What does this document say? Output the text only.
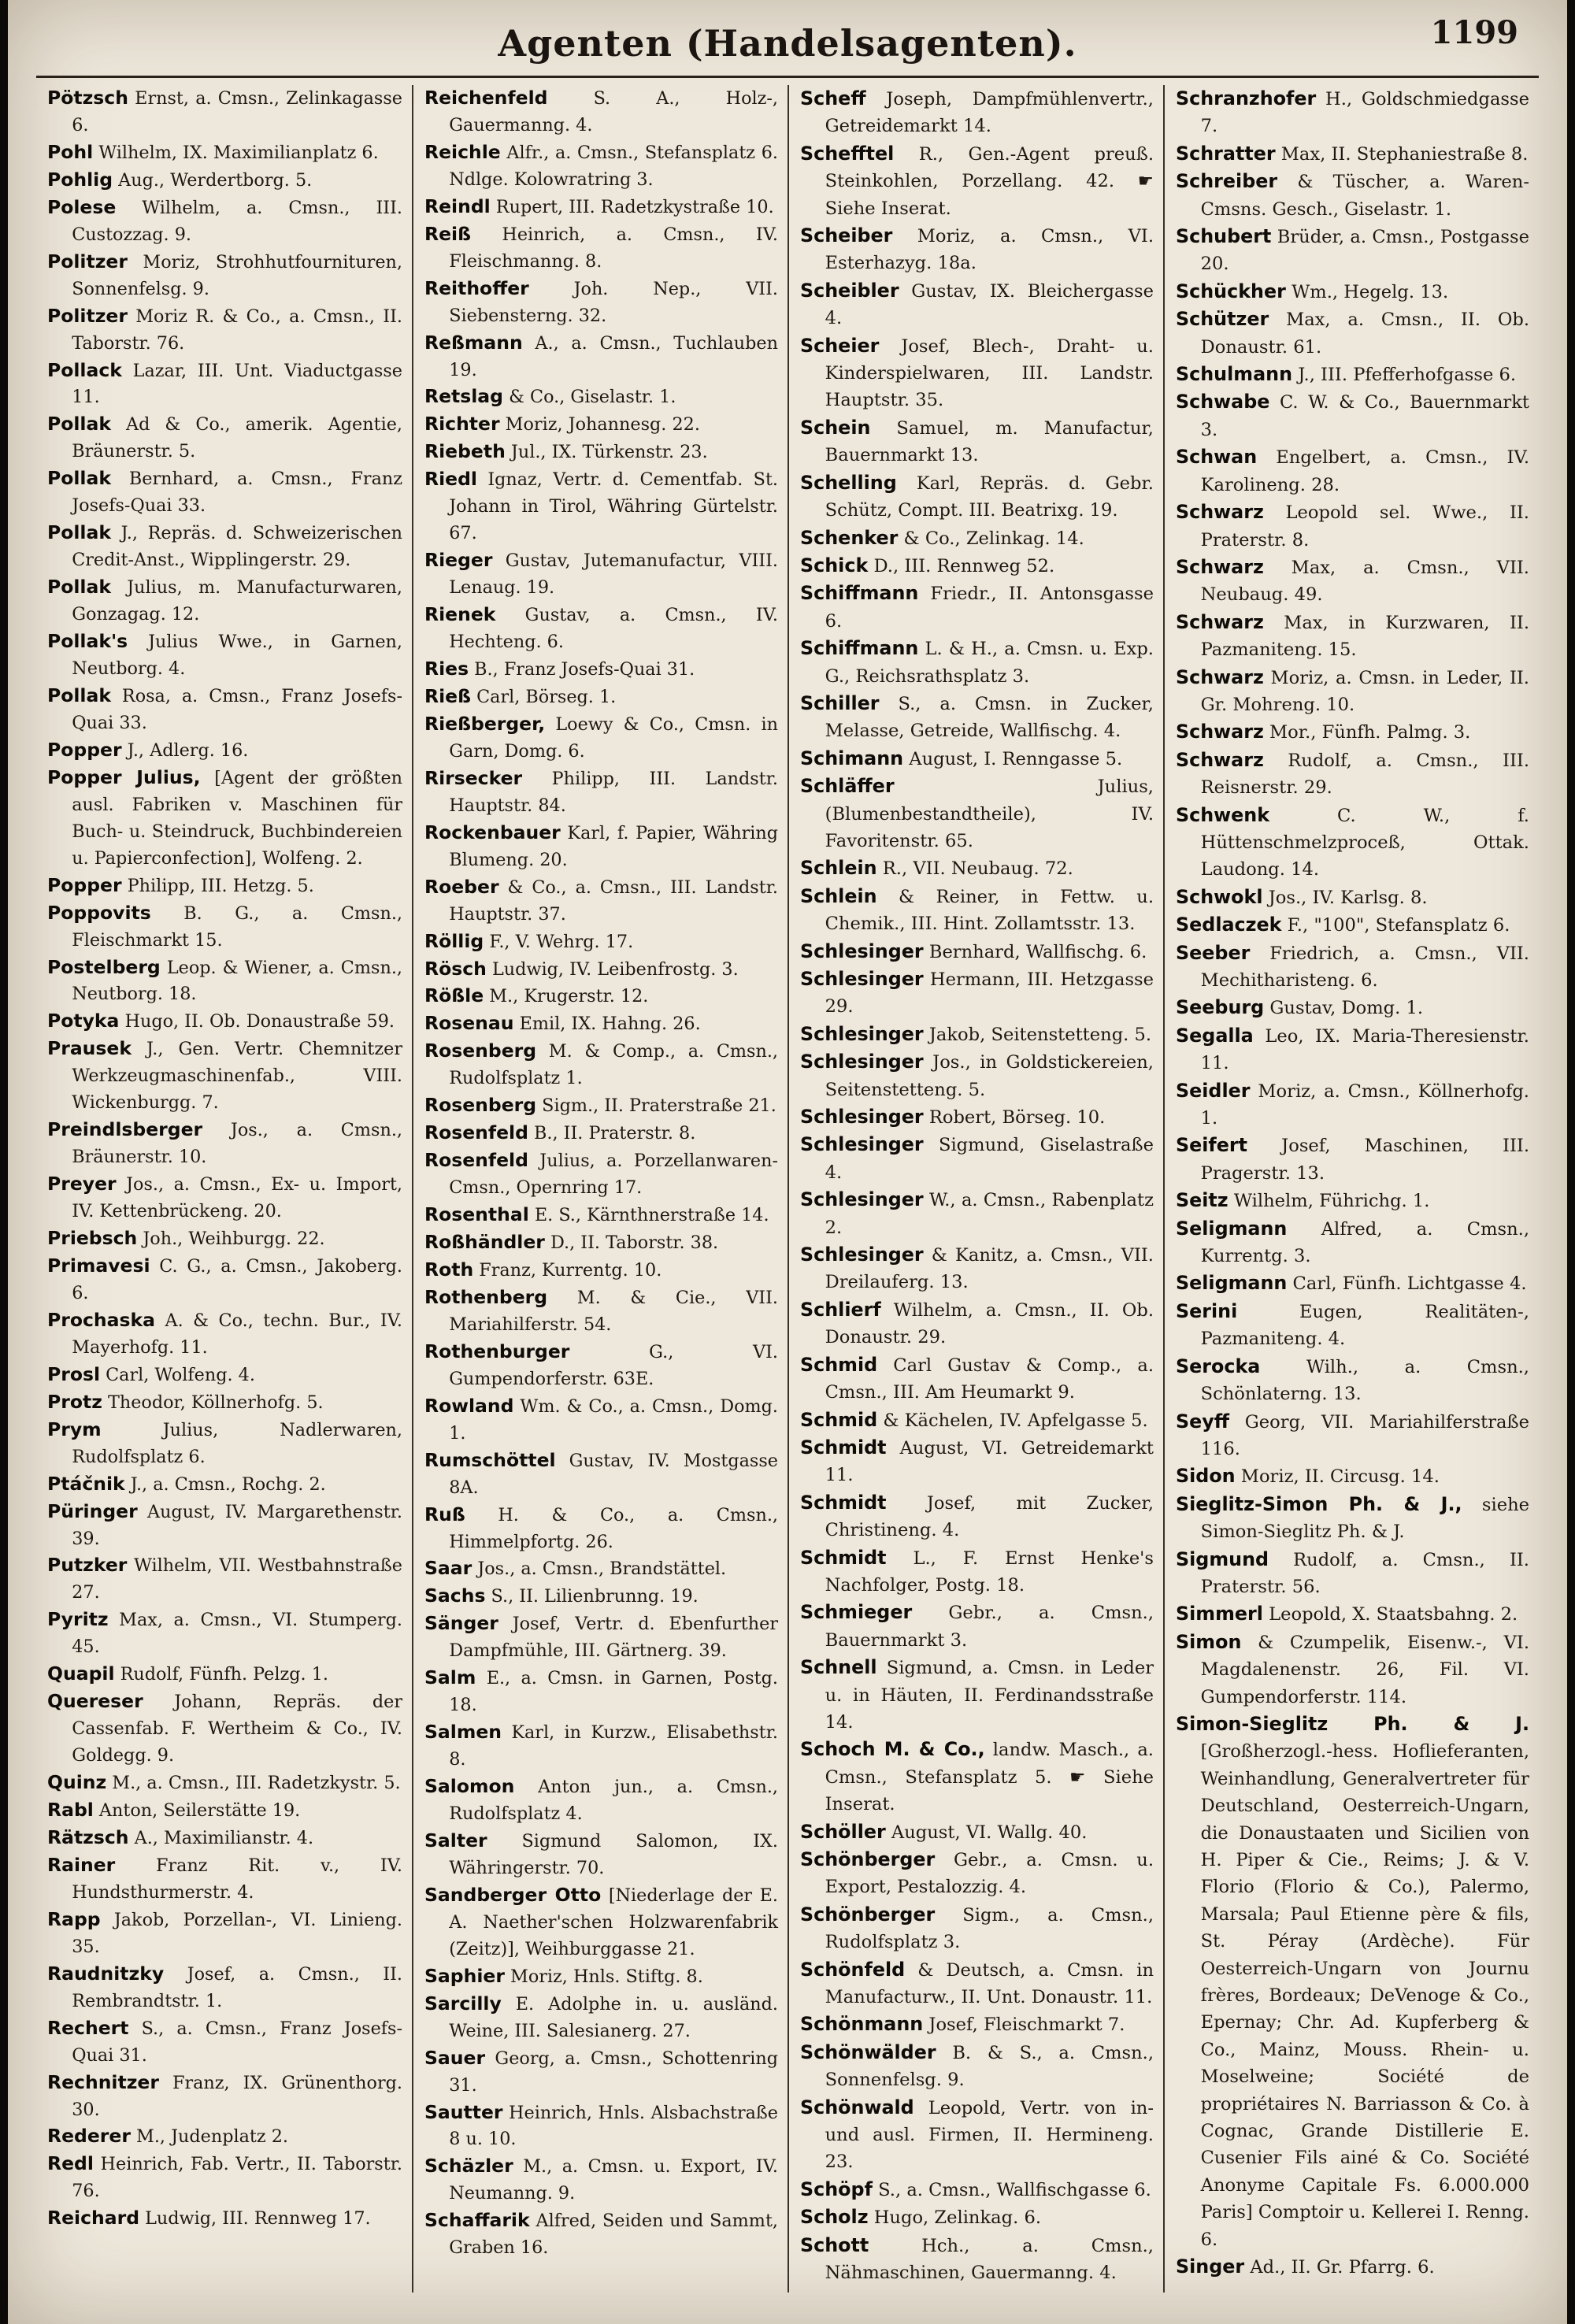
Agenten (Handelsagenten).	1199
Pötzsch Ernst, a. Cmsn., Zelinkagasse 6.
Pohl Wilhelm, IX. Maximilianplatz 6.
Pohlig Aug., Werdertborg. 5.
Polese Wilhelm, a. Cmsn., III. Custozzag. 9.
Politzer Moriz, Strohhutfournituren, Sonnenfelsg. 9.
Politzer Moriz R. & Co., a. Cmsn., II. Taborstr. 76.
Pollack Lazar, III. Unt. Viaductgasse 11.
Pollak Ad & Co., amerik. Agentie, Bräunerstr. 5.
Pollak Bernhard, a. Cmsn., Franz Josefs-Quai 33.
Pollak J., Repräs. d. Schweizerischen Credit-Anst., Wipplingerstr. 29.
Pollak Julius, m. Manufacturwaren, Gonzagag. 12.
Pollak's Julius Wwe., in Garnen, Neutborg. 4.
Pollak Rosa, a. Cmsn., Franz Josefs-Quai 33.
Popper J., Adlerg. 16.
Popper Julius, [Agent der größten ausl. Fabriken v. Maschinen für Buch- u. Steindruck, Buchbindereien u. Papierconfection], Wolfeng. 2.
Popper Philipp, III. Hetzg. 5.
Poppovits B. G., a. Cmsn., Fleischmarkt 15.
Postelberg Leop. & Wiener, a. Cmsn., Neutborg. 18.
Potyka Hugo, II. Ob. Donaustraße 59.
Prausek J., Gen. Vertr. Chemnitzer Werkzeugmaschinenfab., VIII. Wickenburgg. 7.
Preindlsberger Jos., a. Cmsn., Bräunerstr. 10.
Preyer Jos., a. Cmsn., Ex- u. Import, IV. Kettenbrückeng. 20.
Priebsch Joh., Weihburgg. 22.
Primavesi C. G., a. Cmsn., Jakoberg. 6.
Prochaska A. & Co., techn. Bur., IV. Mayerhofg. 11.
Prosl Carl, Wolfeng. 4.
Protz Theodor, Köllnerhofg. 5.
Prym Julius, Nadlerwaren, Rudolfsplatz 6.
Ptáčnik J., a. Cmsn., Rochg. 2.
Püringer August, IV. Margarethenstr. 39.
Putzker Wilhelm, VII. Westbahnstraße 27.
Pyritz Max, a. Cmsn., VI. Stumperg. 45.
Quapil Rudolf, Fünfh. Pelzg. 1.
Quereser Johann, Repräs. der Cassenfab. F. Wertheim & Co., IV. Goldegg. 9.
Quinz M., a. Cmsn., III. Radetzkystr. 5.
Rabl Anton, Seilerstätte 19.
Rätzsch A., Maximilianstr. 4.
Rainer Franz Rit. v., IV. Hundsthurmerstr. 4.
Rapp Jakob, Porzellan-, VI. Linieng. 35.
Raudnitzky Josef, a. Cmsn., II. Rembrandtstr. 1.
Rechert S., a. Cmsn., Franz Josefs-Quai 31.
Rechnitzer Franz, IX. Grünenthorg. 30.
Rederer M., Judenplatz 2.
Redl Heinrich, Fab. Vertr., II. Taborstr. 76.
Reichard Ludwig, III. Rennweg 17.
Reichenfeld S. A., Holz-, Gauermanng. 4.
Reichle Alfr., a. Cmsn., Stefansplatz 6. Ndlge. Kolowratring 3.
Reindl Rupert, III. Radetzkystraße 10.
Reiß Heinrich, a. Cmsn., IV. Fleischmanng. 8.
Reithoffer Joh. Nep., VII. Siebensterng. 32.
Reßmann A., a. Cmsn., Tuchlauben 19.
Retslag & Co., Giselastr. 1.
Richter Moriz, Johannesg. 22.
Riebeth Jul., IX. Türkenstr. 23.
Riedl Ignaz, Vertr. d. Cementfab. St. Johann in Tirol, Währing Gürtelstr. 67.
Rieger Gustav, Jutemanufactur, VIII. Lenaug. 19.
Rienek Gustav, a. Cmsn., IV. Hechteng. 6.
Ries B., Franz Josefs-Quai 31.
Rieß Carl, Börseg. 1.
Rießberger, Loewy & Co., Cmsn. in Garn, Domg. 6.
Rirsecker Philipp, III. Landstr. Hauptstr. 84.
Rockenbauer Karl, f. Papier, Währing Blumeng. 20.
Roeber & Co., a. Cmsn., III. Landstr. Hauptstr. 37.
Röllig F., V. Wehrg. 17.
Rösch Ludwig, IV. Leibenfrostg. 3.
Rößle M., Krugerstr. 12.
Rosenau Emil, IX. Hahng. 26.
Rosenberg M. & Comp., a. Cmsn., Rudolfsplatz 1.
Rosenberg Sigm., II. Praterstraße 21.
Rosenfeld B., II. Praterstr. 8.
Rosenfeld Julius, a. Porzellanwaren-Cmsn., Opernring 17.
Rosenthal E. S., Kärnthnerstraße 14.
Roßhändler D., II. Taborstr. 38.
Roth Franz, Kurrentg. 10.
Rothenberg M. & Cie., VII. Mariahilferstr. 54.
Rothenburger G., VI. Gumpendorferstr. 63E.
Rowland Wm. & Co., a. Cmsn., Domg. 1.
Rumschöttel Gustav, IV. Mostgasse 8A.
Ruß H. & Co., a. Cmsn., Himmelpfortg. 26.
Saar Jos., a. Cmsn., Brandstättel.
Sachs S., II. Lilienbrunng. 19.
Sänger Josef, Vertr. d. Ebenfurther Dampfmühle, III. Gärtnerg. 39.
Salm E., a. Cmsn. in Garnen, Postg. 18.
Salmen Karl, in Kurzw., Elisabethstr. 8.
Salomon Anton jun., a. Cmsn., Rudolfsplatz 4.
Salter Sigmund Salomon, IX. Währingerstr. 70.
Sandberger Otto [Niederlage der E. A. Naether'schen Holzwarenfabrik (Zeitz)], Weihburggasse 21.
Saphier Moriz, Hnls. Stiftg. 8.
Sarcilly E. Adolphe in. u. ausländ. Weine, III. Salesianerg. 27.
Sauer Georg, a. Cmsn., Schottenring 31.
Sautter Heinrich, Hnls. Alsbachstraße 8 u. 10.
Schäzler M., a. Cmsn. u. Export, IV. Neumanng. 9.
Schaffarik Alfred, Seiden und Sammt, Graben 16.
Scheff Joseph, Dampfmühlenvertr., Getreidemarkt 14.
Schefftel R., Gen.-Agent preuß. Steinkohlen, Porzellang. 42. ☛ Siehe Inserat.
Scheiber Moriz, a. Cmsn., VI. Esterhazyg. 18a.
Scheibler Gustav, IX. Bleichergasse 4.
Scheier Josef, Blech-, Draht- u. Kinderspielwaren, III. Landstr. Hauptstr. 35.
Schein Samuel, m. Manufactur, Bauernmarkt 13.
Schelling Karl, Repräs. d. Gebr. Schütz, Compt. III. Beatrixg. 19.
Schenker & Co., Zelinkag. 14.
Schick D., III. Rennweg 52.
Schiffmann Friedr., II. Antonsgasse 6.
Schiffmann L. & H., a. Cmsn. u. Exp. G., Reichsrathsplatz 3.
Schiller S., a. Cmsn. in Zucker, Melasse, Getreide, Wallfischg. 4.
Schimann August, I. Renngasse 5.
Schläffer Julius, (Blumenbestandtheile), IV. Favoritenstr. 65.
Schlein R., VII. Neubaug. 72.
Schlein & Reiner, in Fettw. u. Chemik., III. Hint. Zollamtsstr. 13.
Schlesinger Bernhard, Wallfischg. 6.
Schlesinger Hermann, III. Hetzgasse 29.
Schlesinger Jakob, Seitenstetteng. 5.
Schlesinger Jos., in Goldstickereien, Seitenstetteng. 5.
Schlesinger Robert, Börseg. 10.
Schlesinger Sigmund, Giselastraße 4.
Schlesinger W., a. Cmsn., Rabenplatz 2.
Schlesinger & Kanitz, a. Cmsn., VII. Dreilauferg. 13.
Schlierf Wilhelm, a. Cmsn., II. Ob. Donaustr. 29.
Schmid Carl Gustav & Comp., a. Cmsn., III. Am Heumarkt 9.
Schmid & Kächelen, IV. Apfelgasse 5.
Schmidt August, VI. Getreidemarkt 11.
Schmidt Josef, mit Zucker, Christineng. 4.
Schmidt L., F. Ernst Henke's Nachfolger, Postg. 18.
Schmieger Gebr., a. Cmsn., Bauernmarkt 3.
Schnell Sigmund, a. Cmsn. in Leder u. in Häuten, II. Ferdinandsstraße 14.
Schoch M. & Co., landw. Masch., a. Cmsn., Stefansplatz 5. ☛ Siehe Inserat.
Schöller August, VI. Wallg. 40.
Schönberger Gebr., a. Cmsn. u. Export, Pestalozzig. 4.
Schönberger Sigm., a. Cmsn., Rudolfsplatz 3.
Schönfeld & Deutsch, a. Cmsn. in Manufacturw., II. Unt. Donaustr. 11.
Schönmann Josef, Fleischmarkt 7.
Schönwälder B. & S., a. Cmsn., Sonnenfelsg. 9.
Schönwald Leopold, Vertr. von in- und ausl. Firmen, II. Hermineng. 23.
Schöpf S., a. Cmsn., Wallfischgasse 6.
Scholz Hugo, Zelinkag. 6.
Schott Hch., a. Cmsn., Nähmaschinen, Gauermanng. 4.
Schranzhofer H., Goldschmiedgasse 7.
Schratter Max, II. Stephaniestraße 8.
Schreiber & Tüscher, a. Waren-Cmsns. Gesch., Giselastr. 1.
Schubert Brüder, a. Cmsn., Postgasse 20.
Schückher Wm., Hegelg. 13.
Schützer Max, a. Cmsn., II. Ob. Donaustr. 61.
Schulmann J., III. Pfefferhofgasse 6.
Schwabe C. W. & Co., Bauernmarkt 3.
Schwan Engelbert, a. Cmsn., IV. Karolineng. 28.
Schwarz Leopold sel. Wwe., II. Praterstr. 8.
Schwarz Max, a. Cmsn., VII. Neubaug. 49.
Schwarz Max, in Kurzwaren, II. Pazmaniteng. 15.
Schwarz Moriz, a. Cmsn. in Leder, II. Gr. Mohreng. 10.
Schwarz Mor., Fünfh. Palmg. 3.
Schwarz Rudolf, a. Cmsn., III. Reisnerstr. 29.
Schwenk C. W., f. Hüttenschmelzproceß, Ottak. Laudong. 14.
Schwokl Jos., IV. Karlsg. 8.
Sedlaczek F., "100", Stefansplatz 6.
Seeber Friedrich, a. Cmsn., VII. Mechitharisteng. 6.
Seeburg Gustav, Domg. 1.
Segalla Leo, IX. Maria-Theresienstr. 11.
Seidler Moriz, a. Cmsn., Köllnerhofg. 1.
Seifert Josef, Maschinen, III. Pragerstr. 13.
Seitz Wilhelm, Führichg. 1.
Seligmann Alfred, a. Cmsn., Kurrentg. 3.
Seligmann Carl, Fünfh. Lichtgasse 4.
Serini Eugen, Realitäten-, Pazmaniteng. 4.
Serocka Wilh., a. Cmsn., Schönlaterng. 13.
Seyff Georg, VII. Mariahilferstraße 116.
Sidon Moriz, II. Circusg. 14.
Sieglitz-Simon Ph. & J., siehe Simon-Sieglitz Ph. & J.
Sigmund Rudolf, a. Cmsn., II. Praterstr. 56.
Simmerl Leopold, X. Staatsbahng. 2.
Simon & Czumpelik, Eisenw.-, VI. Magdalenenstr. 26, Fil. VI. Gumpendorferstr. 114.
Simon-Sieglitz Ph. & J. [Großherzogl.-hess. Hoflieferanten, Weinhandlung, Generalvertreter für Deutschland, Oesterreich-Ungarn, die Donaustaaten und Sicilien von H. Piper & Cie., Reims; J. & V. Florio (Florio & Co.), Palermo, Marsala; Paul Etienne père & fils, St. Péray (Ardèche). Für Oesterreich-Ungarn von Journu frères, Bordeaux; DeVenoge & Co., Epernay; Chr. Ad. Kupferberg & Co., Mainz, Mouss. Rhein- u. Moselweine; Société de propriétaires N. Barriasson & Co. à Cognac, Grande Distillerie E. Cusenier Fils ainé & Co. Société Anonyme Capitale Fs. 6.000.000 Paris] Comptoir u. Kellerei I. Renng. 6.
Singer Ad., II. Gr. Pfarrg. 6.
